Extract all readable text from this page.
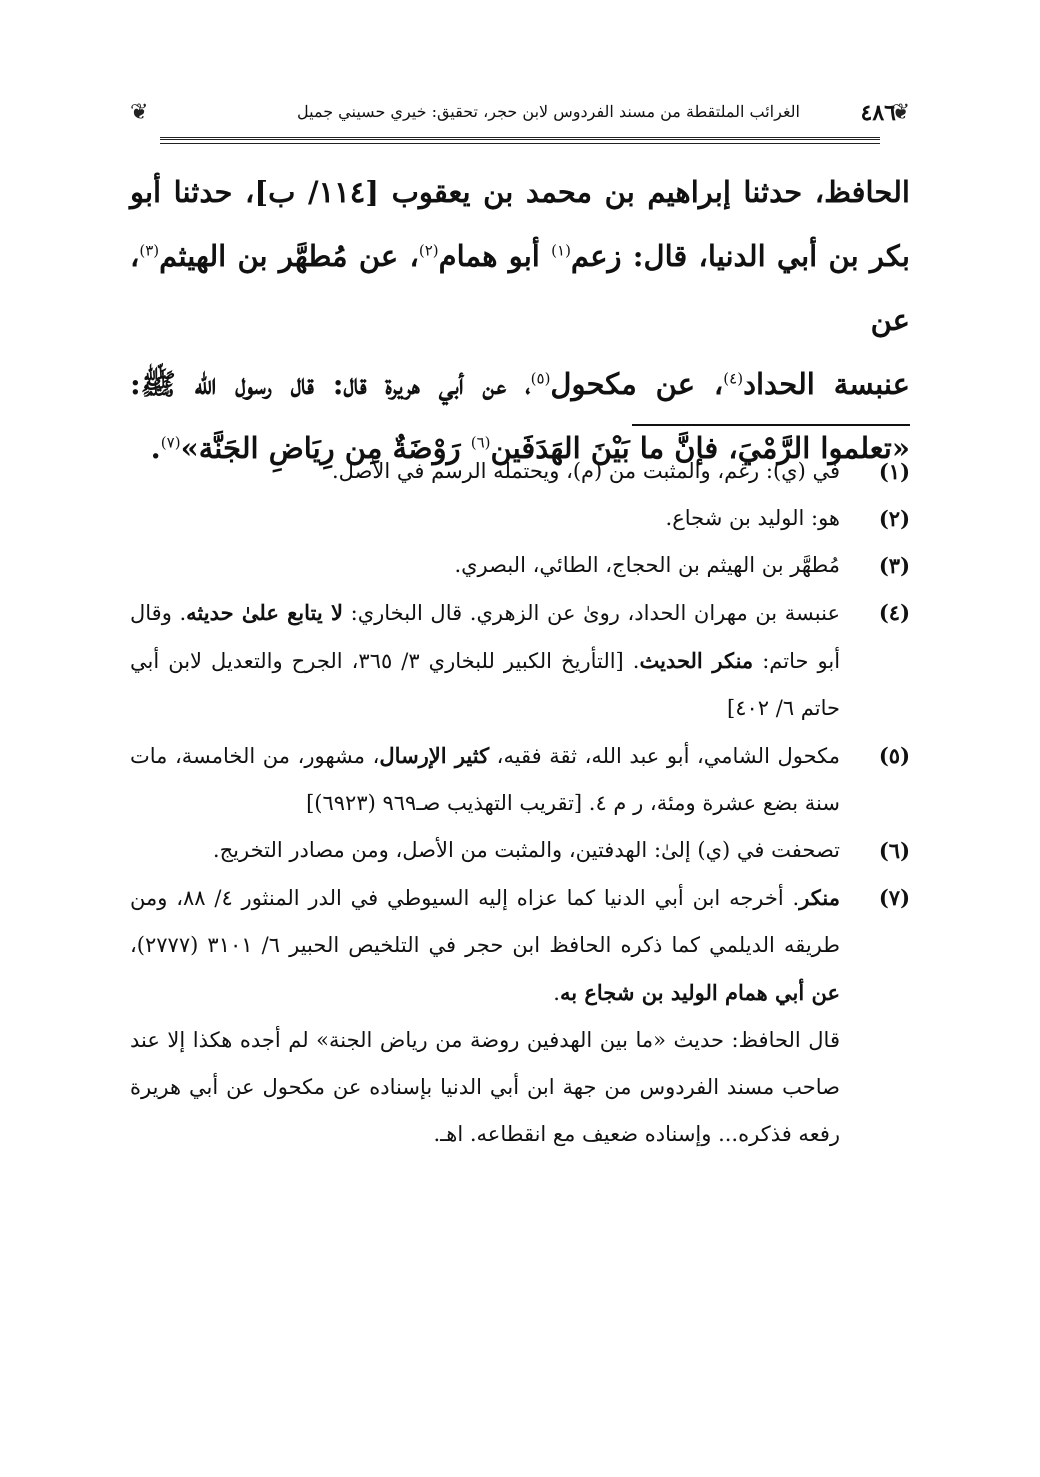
❦
٤٨٦
الغرائب الملتقطة من مسند الفردوس لابن حجر، تحقيق: خيري حسيني جميل
❦

الحافظ، حدثنا إبراهيم بن محمد بن يعقوب [١١٤/ ب]، حدثنا أبو

بكر بن أبي الدنيا، قال: زعم$^{(١)}$ أبو همام$^{(٢)}$، عن مُطهَّر بن الهيثم$^{(٣)}$، عن

عنبسة الحداد$^{(٤)}$، عن مكحول$^{(٥)}$، عن أبي هريرة قال: قال رسول الله ﷺ:

«تعلموا الرَّمْيَ، فإنَّ ما بَيْنَ الهَدَفَين$^{(٦)}$ رَوْضَةٌ مِن رِيَاضِ الجَنَّة»$^{(٧)}$.

(١)
في (ي): رغم، والمثبت من (م)، ويحتمله الرسم في الأصل.
(٢)
هو: الوليد بن شجاع.
(٣)
مُطهَّر بن الهيثم بن الحجاج، الطائي، البصري.
(٤)
عنبسة بن مهران الحداد، روىٰ عن الزهري. قال البخاري: لا يتابع علىٰ حديثه. وقال أبو حاتم: منكر الحديث. [التأريخ الكبير للبخاري ٣/ ٣٦٥، الجرح والتعديل لابن أبي حاتم ٦/ ٤٠٢]
(٥)
مكحول الشامي، أبو عبد الله، ثقة فقيه، كثير الإرسال، مشهور، من الخامسة، مات سنة بضع عشرة ومئة، ر م ٤. [تقريب التهذيب صـ٩٦٩ (٦٩٢٣)]
(٦)
تصحفت في (ي) إلىٰ: الهدفتين، والمثبت من الأصل، ومن مصادر التخريج.
(٧)
منكر. أخرجه ابن أبي الدنيا كما عزاه إليه السيوطي في الدر المنثور ٤/ ٨٨، ومن طريقه الديلمي كما ذكره الحافظ ابن حجر في التلخيص الحبير ٦/ ٣١٠١ (٢٧٧٧)، عن أبي همام الوليد بن شجاع به.
قال الحافظ: حديث «ما بين الهدفين روضة من رياض الجنة» لم أجده هكذا إلا عند صاحب مسند الفردوس من جهة ابن أبي الدنيا بإسناده عن مكحول عن أبي هريرة رفعه فذكره... وإسناده ضعيف مع انقطاعه. اهـ.
